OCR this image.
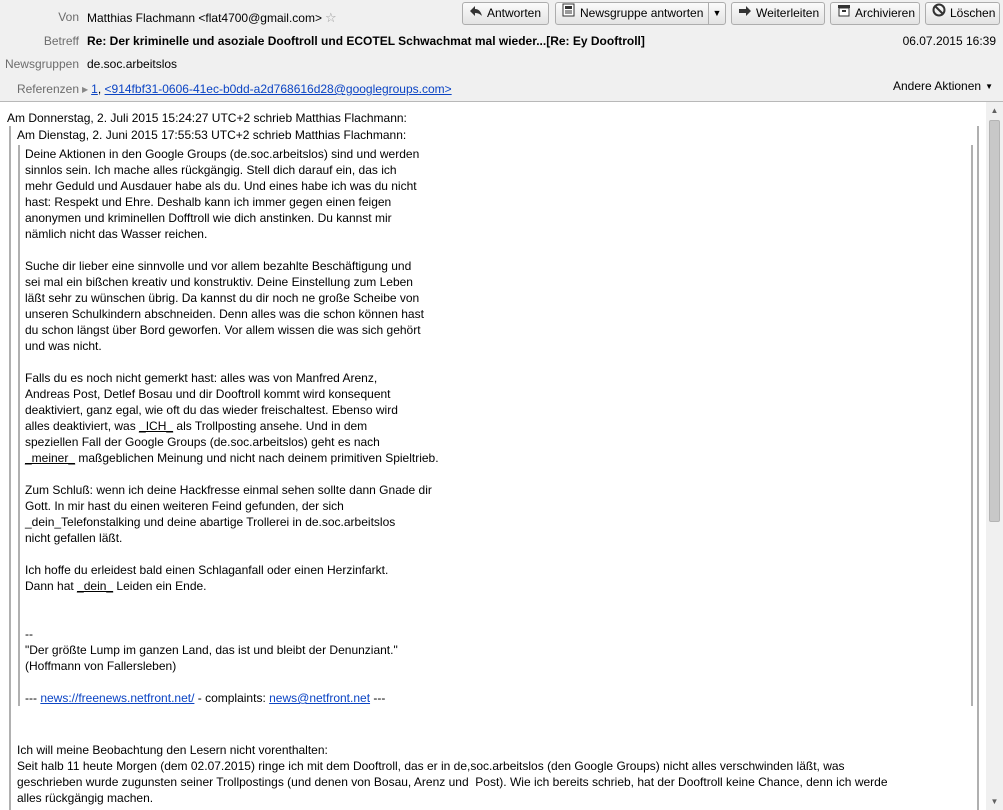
Von Matthias Flachmann <flat4700@gmail.com> ☆
Betreff Re: Der kriminelle und asoziale Dooftroll und ECOTEL Schwachmat mal wieder...[Re: Ey Dooftroll]	06.07.2015 16:39
Newsgruppen de.soc.arbeitslos
Referenzen ▶ 1, <914fbf31-0606-41ec-b0dd-a2d768616d28@googlegroups.com>
Antworten	Newsgruppe antworten	▼	Weiterleiten	Archivieren	Löschen
Andere Aktionen ▼
Am Donnerstag, 2. Juli 2015 15:24:27 UTC+2 schrieb Matthias Flachmann:
Am Dienstag, 2. Juni 2015 17:55:53 UTC+2 schrieb Matthias Flachmann:
Deine Aktionen in den Google Groups (de.soc.arbeitslos) sind und werden
sinnlos sein. Ich mache alles rückgängig. Stell dich darauf ein, das ich
mehr Geduld und Ausdauer habe als du. Und eines habe ich was du nicht
hast: Respekt und Ehre. Deshalb kann ich immer gegen einen feigen
anonymen und kriminellen Dofftroll wie dich anstinken. Du kannst mir
nämlich nicht das Wasser reichen.
Suche dir lieber eine sinnvolle und vor allem bezahlte Beschäftigung und
sei mal ein bißchen kreativ und konstruktiv. Deine Einstellung zum Leben
läßt sehr zu wünschen übrig. Da kannst du dir noch ne große Scheibe von
unseren Schulkindern abschneiden. Denn alles was die schon können hast
du schon längst über Bord geworfen. Vor allem wissen die was sich gehört
und was nicht.
Falls du es noch nicht gemerkt hast: alles was von Manfred Arenz,
Andreas Post, Detlef Bosau und dir Dooftroll kommt wird konsequent
deaktiviert, ganz egal, wie oft du das wieder freischaltest. Ebenso wird
alles deaktiviert, was _ICH_ als Trollposting ansehe. Und in dem
speziellen Fall der Google Groups (de.soc.arbeitslos) geht es nach
_meiner_ maßgeblichen Meinung und nicht nach deinem primitiven Spieltrieb.
Zum Schluß: wenn ich deine Hackfresse einmal sehen sollte dann Gnade dir
Gott. In mir hast du einen weiteren Feind gefunden, der sich
_dein_Telefonstalking und deine abartige Trollerei in de.soc.arbeitslos
nicht gefallen läßt.
Ich hoffe du erleidest bald einen Schlaganfall oder einen Herzinfarkt.
Dann hat _dein_ Leiden ein Ende.
--
"Der größte Lump im ganzen Land, das ist und bleibt der Denunziant."
(Hoffmann von Fallersleben)
--- news://freenews.netfront.net/ - complaints: news@netfront.net ---
Ich will meine Beobachtung den Lesern nicht vorenthalten:
Seit halb 11 heute Morgen (dem 02.07.2015) ringe ich mit dem Dooftroll, das er in de,soc.arbeitslos (den Google Groups) nicht alles verschwinden läßt, was
geschrieben wurde zugunsten seiner Trollpostings (und denen von Bosau, Arenz und  Post). Wie ich bereits schrieb, hat der Dooftroll keine Chance, denn ich werde
alles rückgängig machen.
▲
▼
